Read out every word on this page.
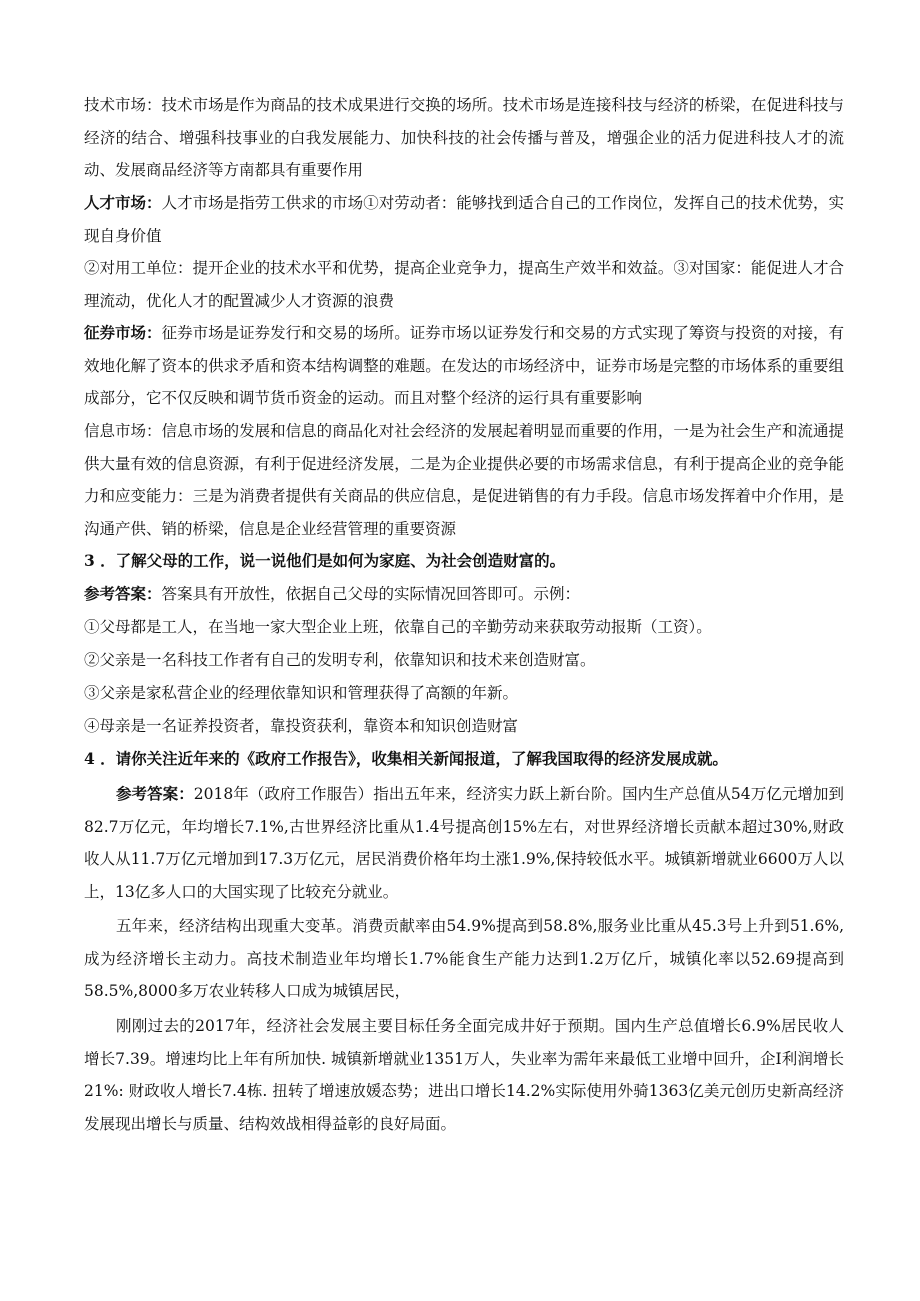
技术市场：技术市场是作为商品的技术成果进行交换的场所。技术市场是连接科技与经济的桥梁，在促进科技与经济的结合、增强科技事业的白我发展能力、加快科技的社会传播与普及，增强企业的活力促进科技人才的流动、发展商品经济等方南都具有重要作用

人才市场：人才市场是指劳工供求的市场①对劳动者：能够找到适合自己的工作岗位，发挥自己的技术优势，实现自身价值

②对用工单位：提开企业的技术水平和优势，提高企业竞争力，提高生产效半和效益。③对国家：能促进人才合理流动，优化人才的配置减少人才资源的浪费

征券市场：征券市场是证券发行和交易的场所。证券市场以证券发行和交易的方式实现了筹资与投资的对接，有效地化解了资本的供求矛盾和资本结构调整的难题。在发达的市场经济中，证券市场是完整的市场体系的重要组成部分，它不仅反映和调节货币资金的运动。而且对整个经济的运行具有重要影响

信息市场：信息市场的发展和信息的商品化对社会经济的发展起着明显而重要的作用，一是为社会生产和流通提供大量有效的信息资源，有利于促进经济发展，二是为企业提供必要的市场需求信息，有利于提高企业的竞争能力和应变能力：三是为消费者提供有关商品的供应信息，是促进销售的有力手段。信息市场发挥着中介作用，是沟通产供、销的桥梁，信息是企业经营管理的重要资源

3 ．了解父母的工作，说一说他们是如何为家庭、为社会创造财富的。

参考答案：答案具有开放性，依据自己父母的实际情况回答即可。示例：

①父母都是工人，在当地一家大型企业上班，依靠自己的辛勤劳动来获取劳动报斯（工资）。

②父亲是一名科技工作者有自己的发明专利，依靠知识和技术来创造财富。

③父亲是家私营企业的经理依靠知识和管理获得了高额的年新。

④母亲是一名证养投资者，靠投资获利，靠资本和知识创造财富

4 ．请你关注近年来的《政府工作报告》，收集相关新闻报道，了解我国取得的经济发展成就。

参考答案：2018年（政府工作服告）指出五年来，经济实力跃上新台阶。国内生产总值从54万亿元增加到82.7万亿元，年均增长7.1%,古世界经济比重从1.4号提高创15%左右，对世界经济增长贡献本超过30%,财政收人从11.7万亿元增加到17.3万亿元，居民消费价格年均土涨1.9%,保持较低水平。城镇新增就业6600万人以上，13亿多人口的大国实现了比较充分就业。

五年来，经济结构出现重大变革。消费贡献率由54.9%提高到58.8%,服务业比重从45.3号上升到51.6%,成为经济增长主动力。高技术制造业年均增长1.7%能食生产能力达到1.2万亿斤，城镇化率以52.69提高到58.5%,8000多万农业转移人口成为城镇居民，

刚刚过去的2017年，经济社会发展主要目标任务全面完成井好于预期。国内生产总值增长6.9%居民收人增长7.39。增速均比上年有所加快. 城镇新增就业1351万人，失业率为需年来最低工业增中回升，企I利润增长21%: 财政收人增长7.4栋. 扭转了增速放媛态势；进出口增长14.2%实际使用外骑1363亿美元创历史新高经济发展现出增长与质量、结构效战相得益彰的良好局面。
